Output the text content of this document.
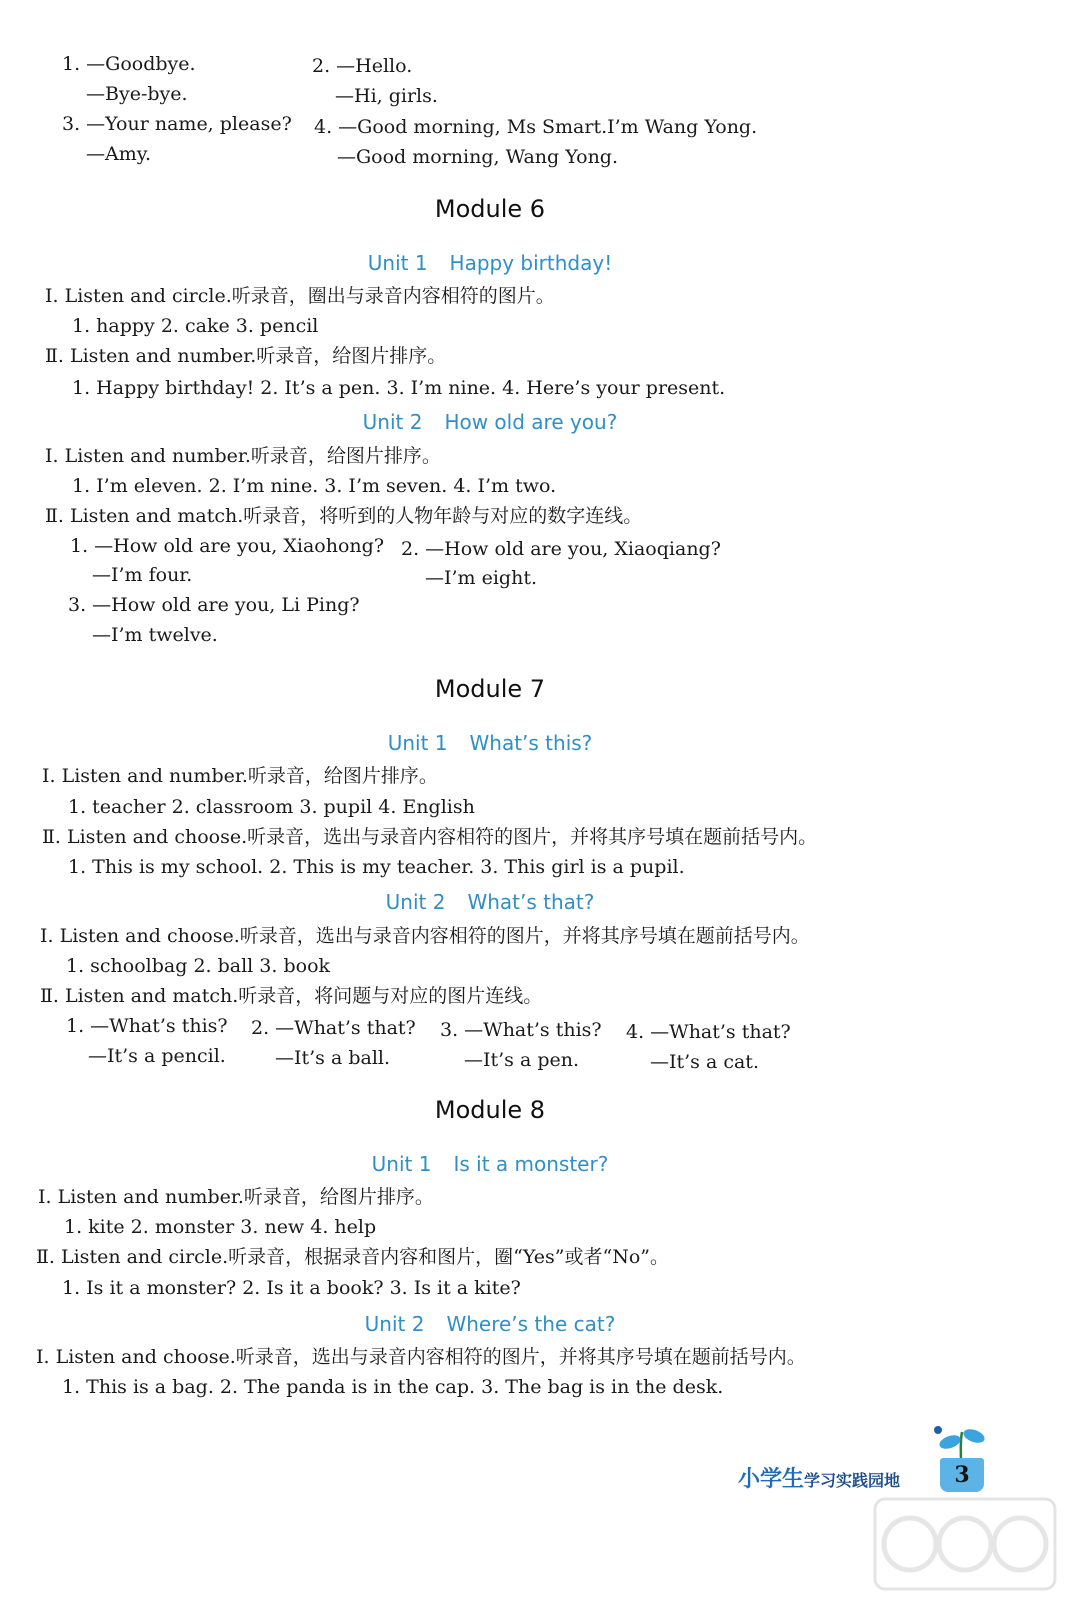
1. —Goodbye.
—Bye-bye.
2. —Hello.
—Hi, girls.
3. —Your name, please?
—Amy.
4. —Good morning, Ms Smart.I’m Wang Yong.
—Good morning, Wang Yong.
Module 6
Unit 1 Happy birthday!
Ⅰ. Listen and circle.听录音，圈出与录音内容相符的图片。
1. happy 2. cake 3. pencil
Ⅱ. Listen and number.听录音，给图片排序。
1. Happy birthday! 2. It’s a pen. 3. I’m nine. 4. Here’s your present.
Unit 2 How old are you?
Ⅰ. Listen and number.听录音，给图片排序。
1. I’m eleven. 2. I’m nine. 3. I’m seven. 4. I’m two.
Ⅱ. Listen and match.听录音，将听到的人物年龄与对应的数字连线。
1. —How old are you, Xiaohong?
—I’m four.
2. —How old are you, Xiaoqiang?
—I’m eight.
3. —How old are you, Li Ping?
—I’m twelve.
Module 7
Unit 1 What’s this?
Ⅰ. Listen and number.听录音，给图片排序。
1. teacher 2. classroom 3. pupil 4. English
Ⅱ. Listen and choose.听录音，选出与录音内容相符的图片，并将其序号填在题前括号内。
1. This is my school. 2. This is my teacher. 3. This girl is a pupil.
Unit 2 What’s that?
Ⅰ. Listen and choose.听录音，选出与录音内容相符的图片，并将其序号填在题前括号内。
1. schoolbag 2. ball 3. book
Ⅱ. Listen and match.听录音，将问题与对应的图片连线。
1. —What’s this?
—It’s a pencil.
2. —What’s that?
—It’s a ball.
3. —What’s this?
—It’s a pen.
4. —What’s that?
—It’s a cat.
Module 8
Unit 1 Is it a monster?
Ⅰ. Listen and number.听录音，给图片排序。
1. kite 2. monster 3. new 4. help
Ⅱ. Listen and circle.听录音，根据录音内容和图片，圈“Yes”或者“No”。
1. Is it a monster? 2. Is it a book? 3. Is it a kite?
Unit 2 Where’s the cat?
Ⅰ. Listen and choose.听录音，选出与录音内容相符的图片，并将其序号填在题前括号内。
1. This is a bag. 2. The panda is in the cap. 3. The bag is in the desk.
小学生学习实践园地	3
